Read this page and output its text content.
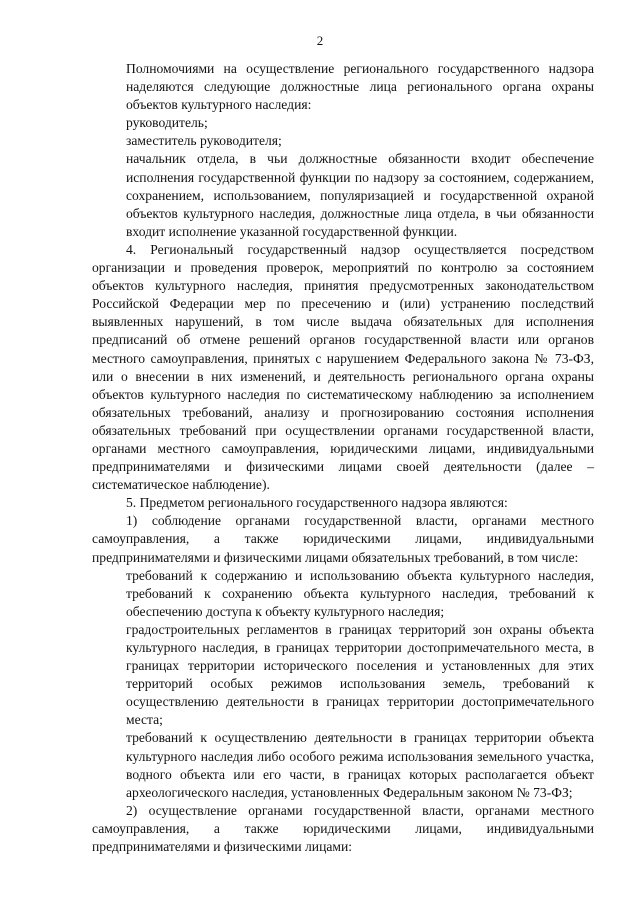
2

Полномочиями на осуществление регионального государственного надзора наделяются следующие должностные лица регионального органа охраны объектов культурного наследия:

руководитель;

заместитель руководителя;

начальник отдела, в чьи должностные обязанности входит обеспечение исполнения государственной функции по надзору за состоянием, содержанием, сохранением, использованием, популяризацией и государственной охраной объектов культурного наследия, должностные лица отдела, в чьи обязанности входит исполнение указанной государственной функции.

4. Региональный государственный надзор осуществляется посредством организации и проведения проверок, мероприятий по контролю за состоянием объектов культурного наследия, принятия предусмотренных законодательством Российской Федерации мер по пресечению и (или) устранению последствий выявленных нарушений, в том числе выдача обязательных для исполнения предписаний об отмене решений органов государственной власти или органов местного самоуправления, принятых с нарушением Федерального закона № 73-ФЗ, или о внесении в них изменений, и деятельность регионального органа охраны объектов культурного наследия по систематическому наблюдению за исполнением обязательных требований, анализу и прогнозированию состояния исполнения обязательных требований при осуществлении органами государственной власти, органами местного самоуправления, юридическими лицами, индивидуальными предпринимателями и физическими лицами своей деятельности (далее – систематическое наблюдение).

5. Предметом регионального государственного надзора являются:

1) соблюдение органами государственной власти, органами местного самоуправления, а также юридическими лицами, индивидуальными предпринимателями и физическими лицами обязательных требований, в том числе:

требований к содержанию и использованию объекта культурного наследия, требований к сохранению объекта культурного наследия, требований к обеспечению доступа к объекту культурного наследия;

градостроительных регламентов в границах территорий зон охраны объекта культурного наследия, в границах территории достопримечательного места, в границах территории исторического поселения и установленных для этих территорий особых режимов использования земель, требований к осуществлению деятельности в границах территории достопримечательного места;

требований к осуществлению деятельности в границах территории объекта культурного наследия либо особого режима использования земельного участка, водного объекта или его части, в границах которых располагается объект археологического наследия, установленных Федеральным законом № 73-ФЗ;

2) осуществление органами государственной власти, органами местного самоуправления, а также юридическими лицами, индивидуальными предпринимателями и физическими лицами:
